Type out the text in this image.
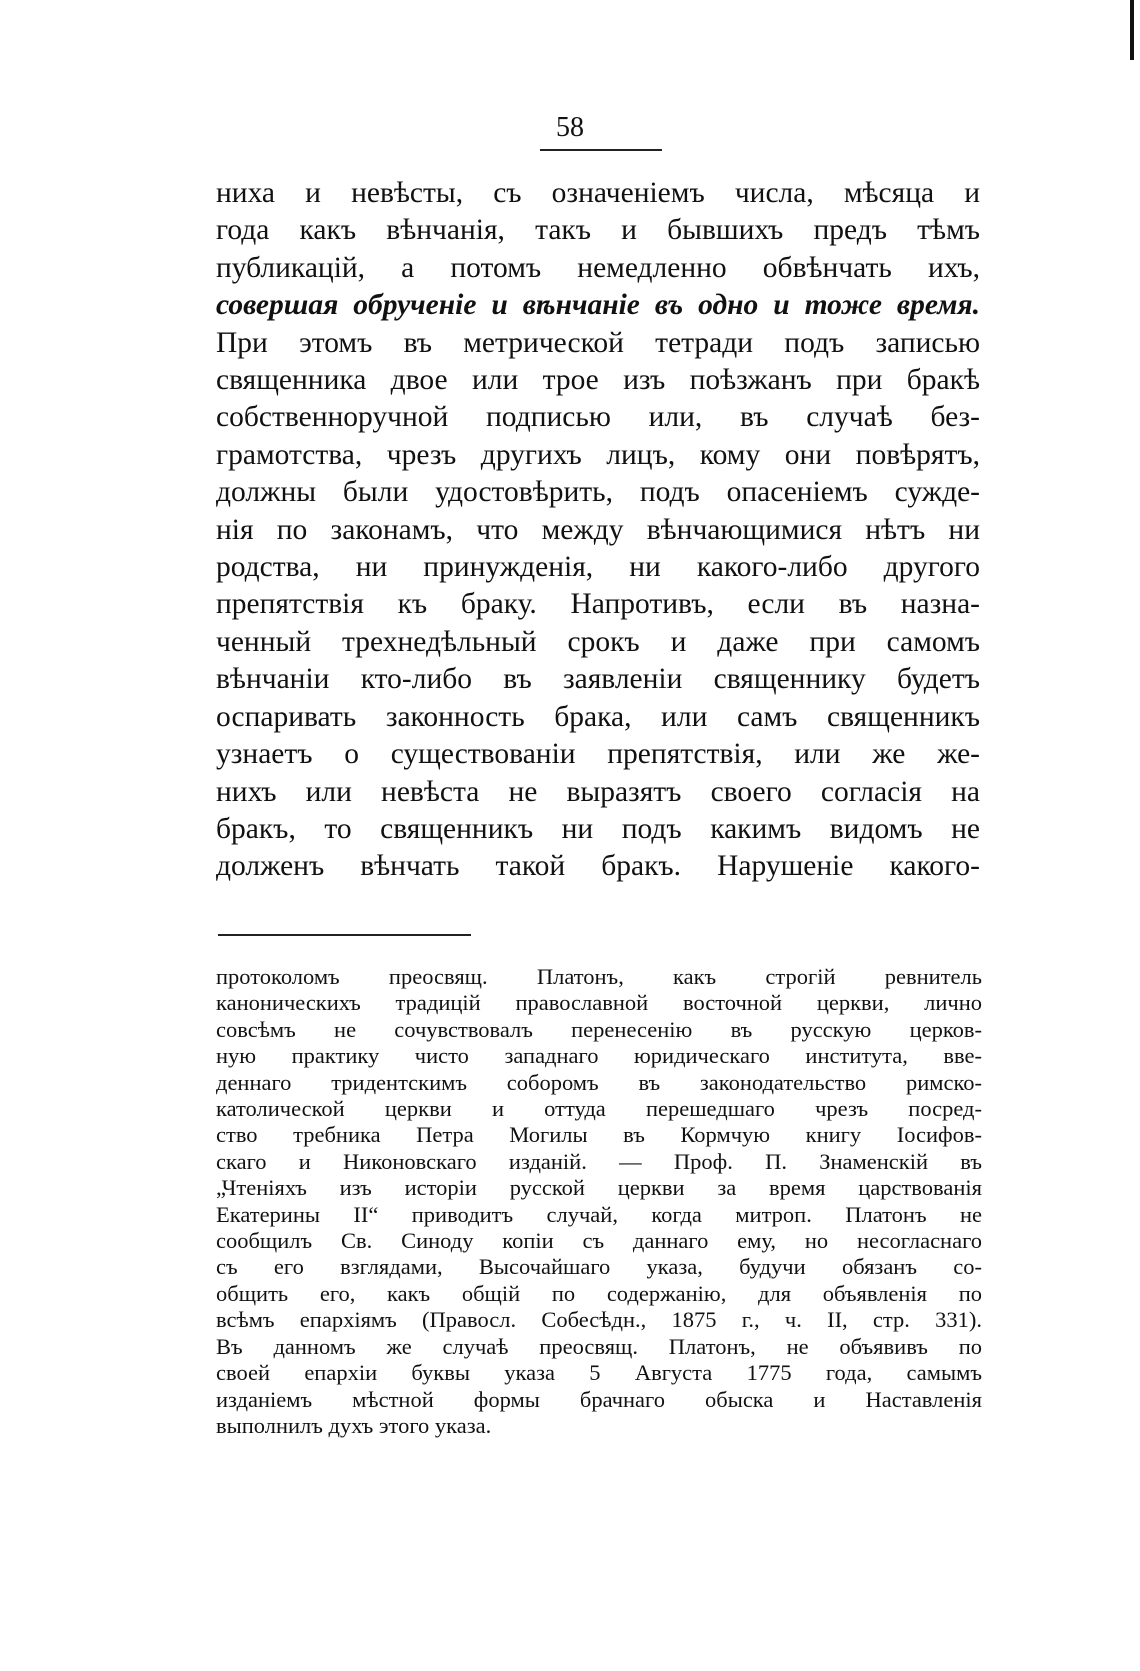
58
ниха и невѣсты, съ означеніемъ числа, мѣсяца и
года какъ вѣнчанія, такъ и бывшихъ предъ тѣмъ
публикацій, а потомъ немедленно обвѣнчать ихъ,
совершая обрученіе и вѣнчаніе въ одно и тоже время.
При этомъ въ метрической тетради подъ записью
священника двое или трое изъ поѣзжанъ при бракѣ
собственноручной подписью или, въ случаѣ без-
грамотства, чрезъ другихъ лицъ, кому они повѣрятъ,
должны были удостовѣрить, подъ опасеніемъ сужде-
нія по законамъ, что между вѣнчающимися нѣтъ ни
родства, ни принужденія, ни какого-либо другого
препятствія къ браку. Напротивъ, если въ назна-
ченный трехнедѣльный срокъ и даже при самомъ
вѣнчаніи кто-либо въ заявленіи священнику будетъ
оспаривать законность брака, или самъ священникъ
узнаетъ о существованіи препятствія, или же же-
нихъ или невѣста не выразятъ своего согласія на
бракъ, то священникъ ни подъ какимъ видомъ не
долженъ вѣнчать такой бракъ. Нарушеніе какого-
протоколомъ преосвящ. Платонъ, какъ строгій ревнитель
каноническихъ традицій православной восточной церкви, лично
совсѣмъ не сочувствовалъ перенесенію въ русскую церков-
ную практику чисто западнаго юридическаго института, вве-
деннаго тридентскимъ соборомъ въ законодательство римско-
католической церкви и оттуда перешедшаго чрезъ посред-
ство требника Петра Могилы въ Кормчую книгу Іосифов-
скаго и Никоновскаго изданій. — Проф. П. Знаменскій въ
„Чтеніяхъ изъ исторіи русской церкви за время царствованія
Екатерины II“ приводитъ случай, когда митроп. Платонъ не
сообщилъ Св. Синоду копіи съ даннаго ему, но несогласнаго
съ его взглядами, Высочайшаго указа, будучи обязанъ со-
общить его, какъ общій по содержанію, для объявленія по
всѣмъ епархіямъ (Правосл. Собесѣдн., 1875 г., ч. II, стр. 331).
Въ данномъ же случаѣ преосвящ. Платонъ, не объявивъ по
своей епархіи буквы указа 5 Августа 1775 года, самымъ
изданіемъ мѣстной формы брачнаго обыска и Наставленія
выполнилъ духъ этого указа.
